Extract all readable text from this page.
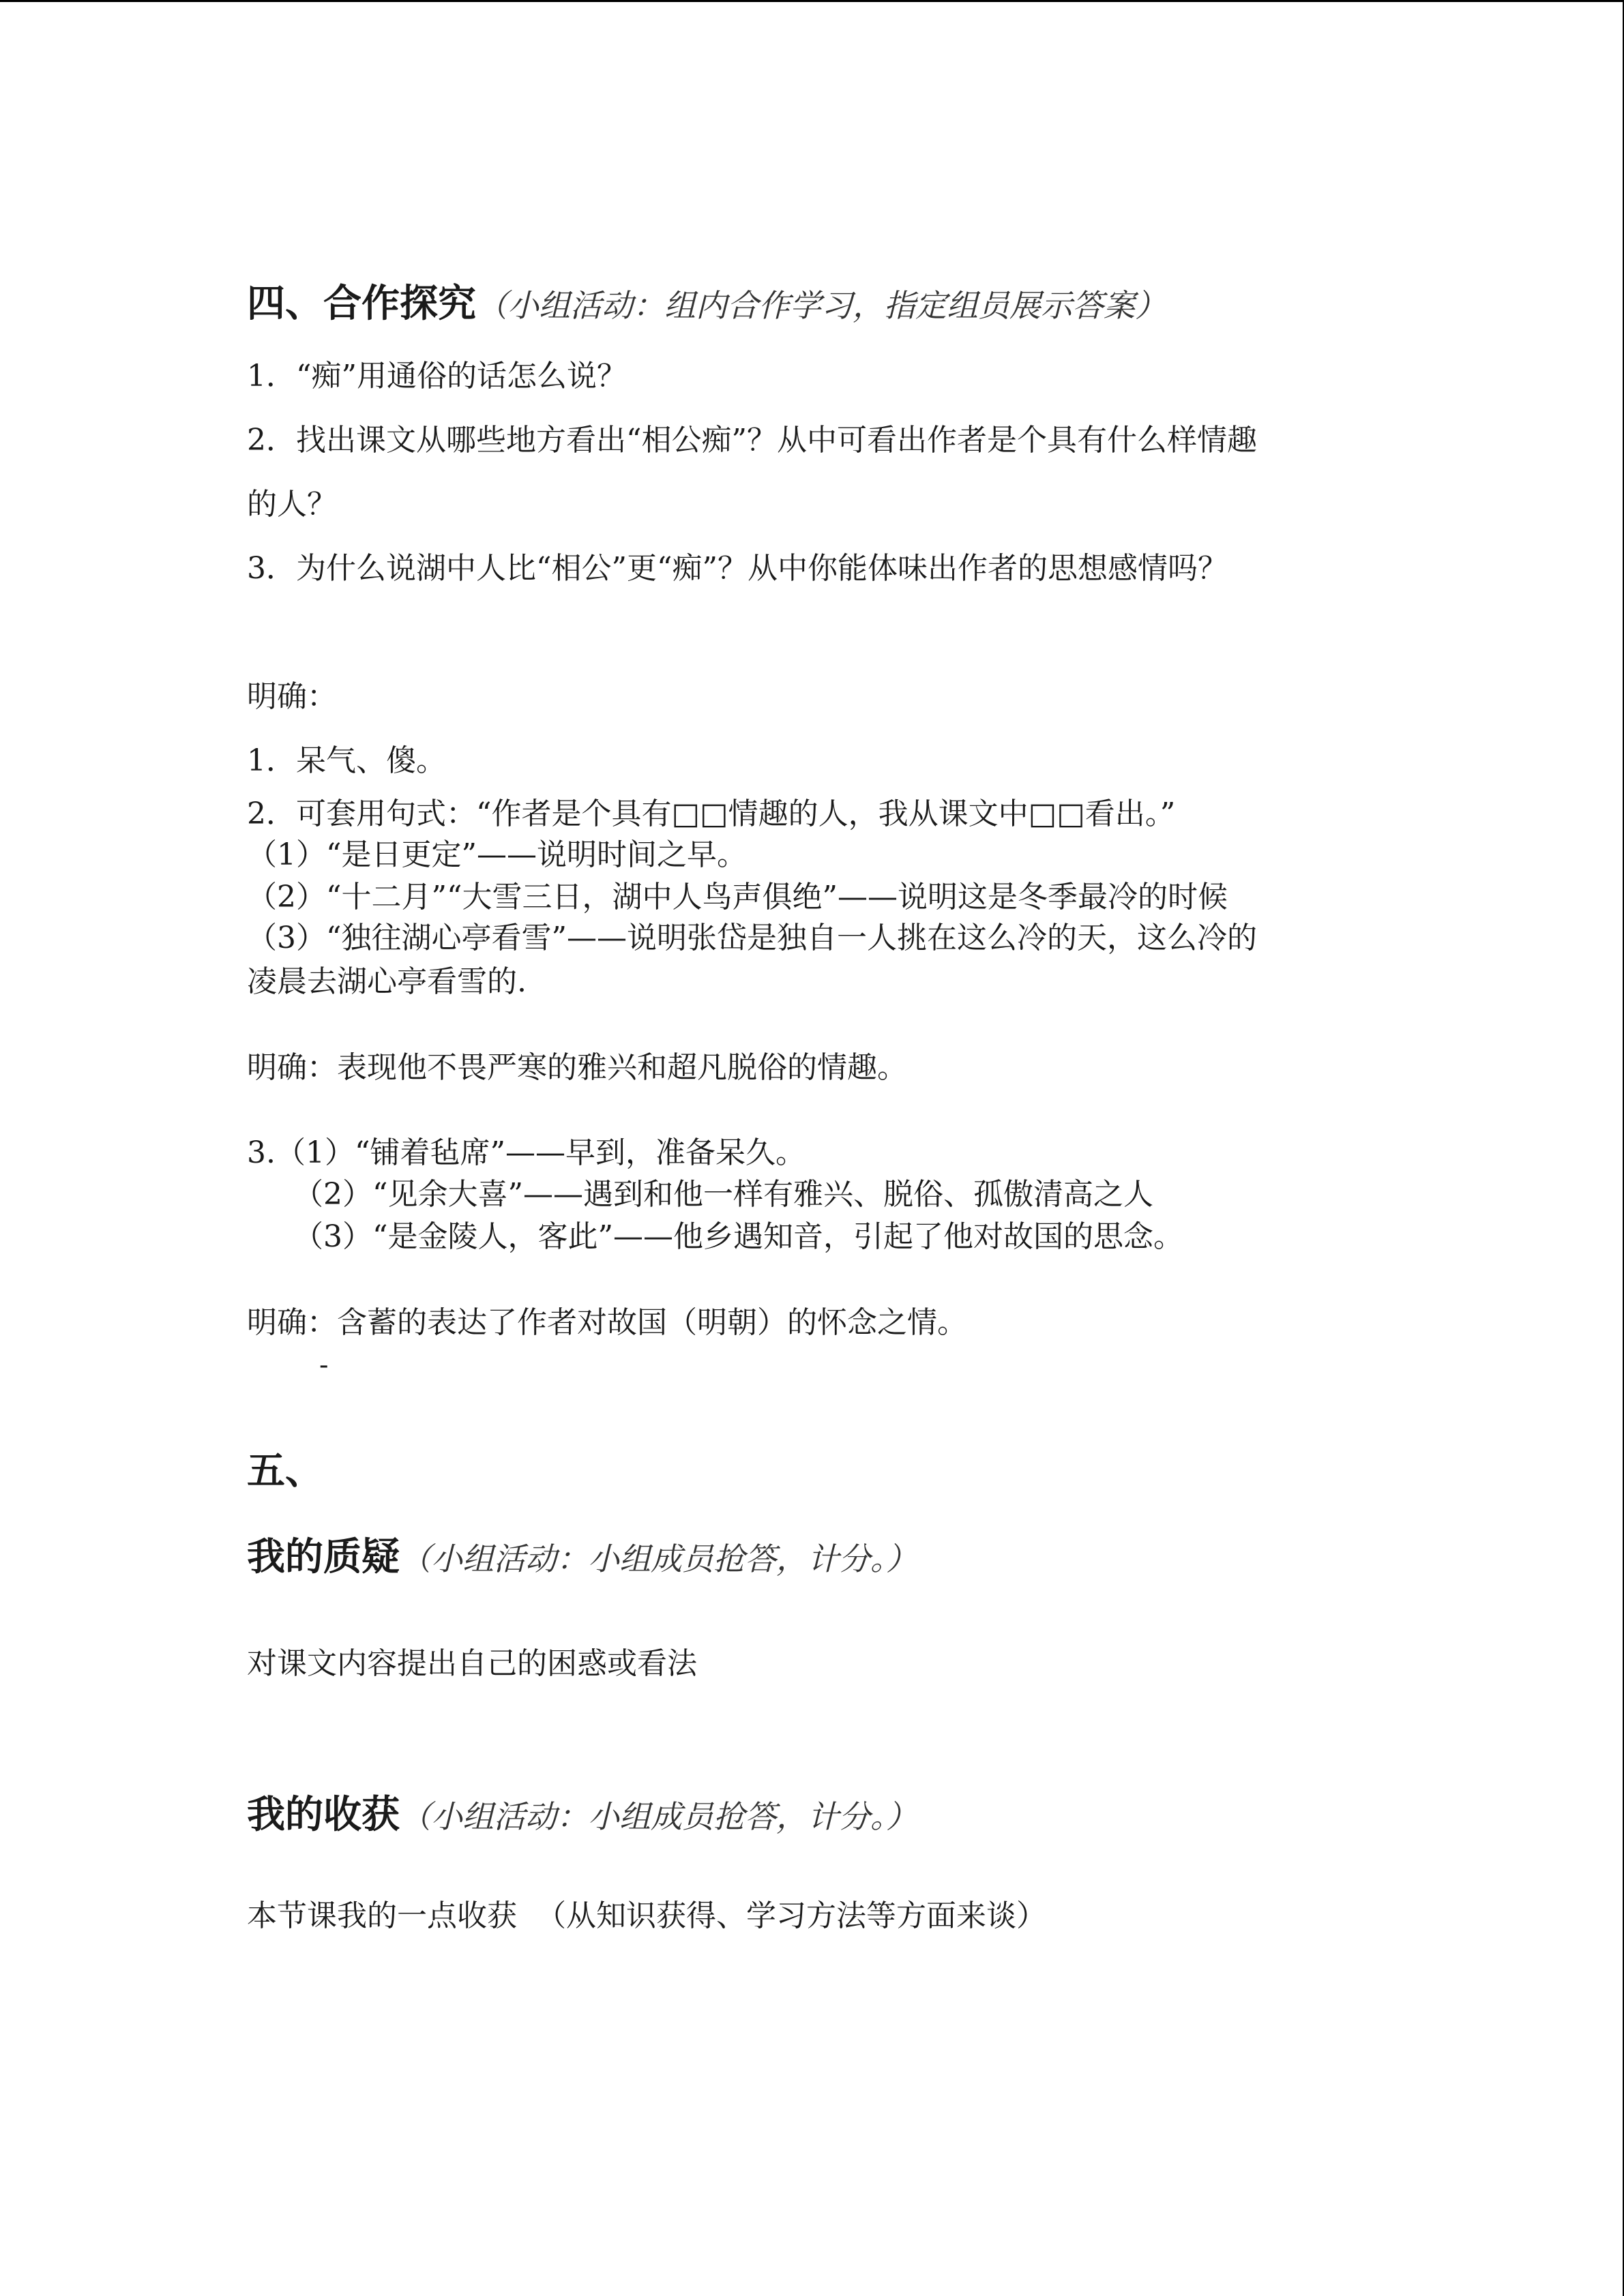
四、合作探究（小组活动：组内合作学习，指定组员展示答案）
1．“痴”用通俗的话怎么说？
2．找出课文从哪些地方看出“相公痴”？从中可看出作者是个具有什么样情趣
的人？
3．为什么说湖中人比“相公”更“痴”？从中你能体味出作者的思想感情吗？
明确：
1．呆气、傻。
2．可套用句式：“作者是个具有□□情趣的人，我从课文中□□看出。”
（1）“是日更定”——说明时间之早。
（2）“十二月”“大雪三日，湖中人鸟声俱绝”——说明这是冬季最冷的时候
（3）“独往湖心亭看雪”——说明张岱是独自一人挑在这么冷的天，这么冷的
凌晨去湖心亭看雪的.
明确：表现他不畏严寒的雅兴和超凡脱俗的情趣。
3.（1）“铺着毡席”——早到，准备呆久。
（2）“见余大喜”——遇到和他一样有雅兴、脱俗、孤傲清高之人
（3）“是金陵人，客此”——他乡遇知音，引起了他对故国的思念。
明确：含蓄的表达了作者对故国（明朝）的怀念之情。
-
五、
我的质疑（小组活动：小组成员抢答，计分。）
对课文内容提出自己的困惑或看法
我的收获（小组活动：小组成员抢答，计分。）
本节课我的一点收获  （从知识获得、学习方法等方面来谈）
